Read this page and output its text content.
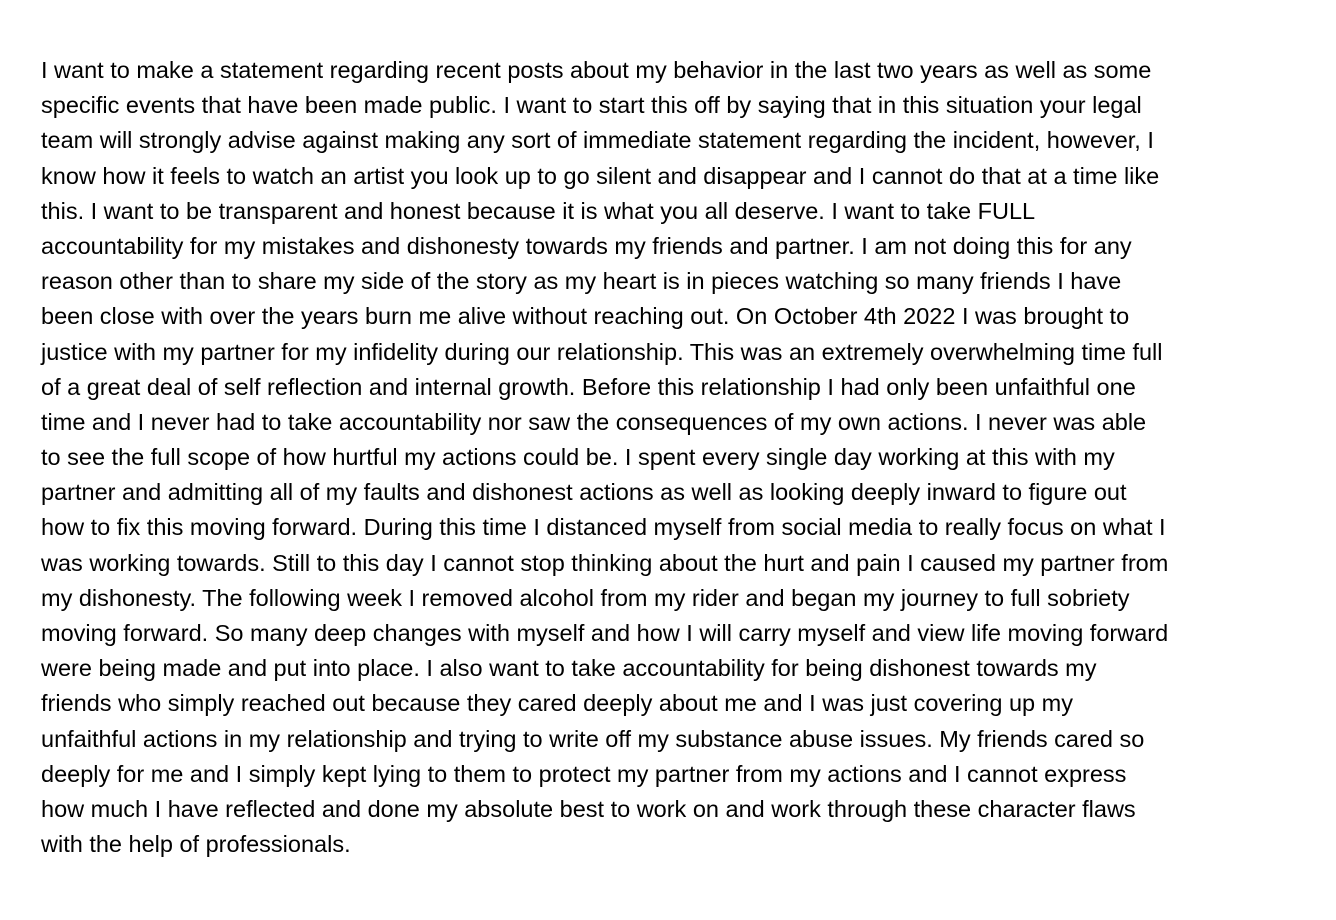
I want to make a statement regarding recent posts about my behavior in the last two years as well as some
specific events that have been made public. I want to start this off by saying that in this situation your legal
team will strongly advise against making any sort of immediate statement regarding the incident, however, I
know how it feels to watch an artist you look up to go silent and disappear and I cannot do that at a time like
this. I want to be transparent and honest because it is what you all deserve. I want to take FULL
accountability for my mistakes and dishonesty towards my friends and partner. I am not doing this for any
reason other than to share my side of the story as my heart is in pieces watching so many friends I have
been close with over the years burn me alive without reaching out. On October 4th 2022 I was brought to
justice with my partner for my infidelity during our relationship. This was an extremely overwhelming time full
of a great deal of self reflection and internal growth. Before this relationship I had only been unfaithful one
time and I never had to take accountability nor saw the consequences of my own actions. I never was able
to see the full scope of how hurtful my actions could be. I spent every single day working at this with my
partner and admitting all of my faults and dishonest actions as well as looking deeply inward to figure out
how to fix this moving forward. During this time I distanced myself from social media to really focus on what I
was working towards. Still to this day I cannot stop thinking about the hurt and pain I caused my partner from
my dishonesty. The following week I removed alcohol from my rider and began my journey to full sobriety
moving forward. So many deep changes with myself and how I will carry myself and view life moving forward
were being made and put into place. I also want to take accountability for being dishonest towards my
friends who simply reached out because they cared deeply about me and I was just covering up my
unfaithful actions in my relationship and trying to write off my substance abuse issues. My friends cared so
deeply for me and I simply kept lying to them to protect my partner from my actions and I cannot express
how much I have reflected and done my absolute best to work on and work through these character flaws
with the help of professionals.
